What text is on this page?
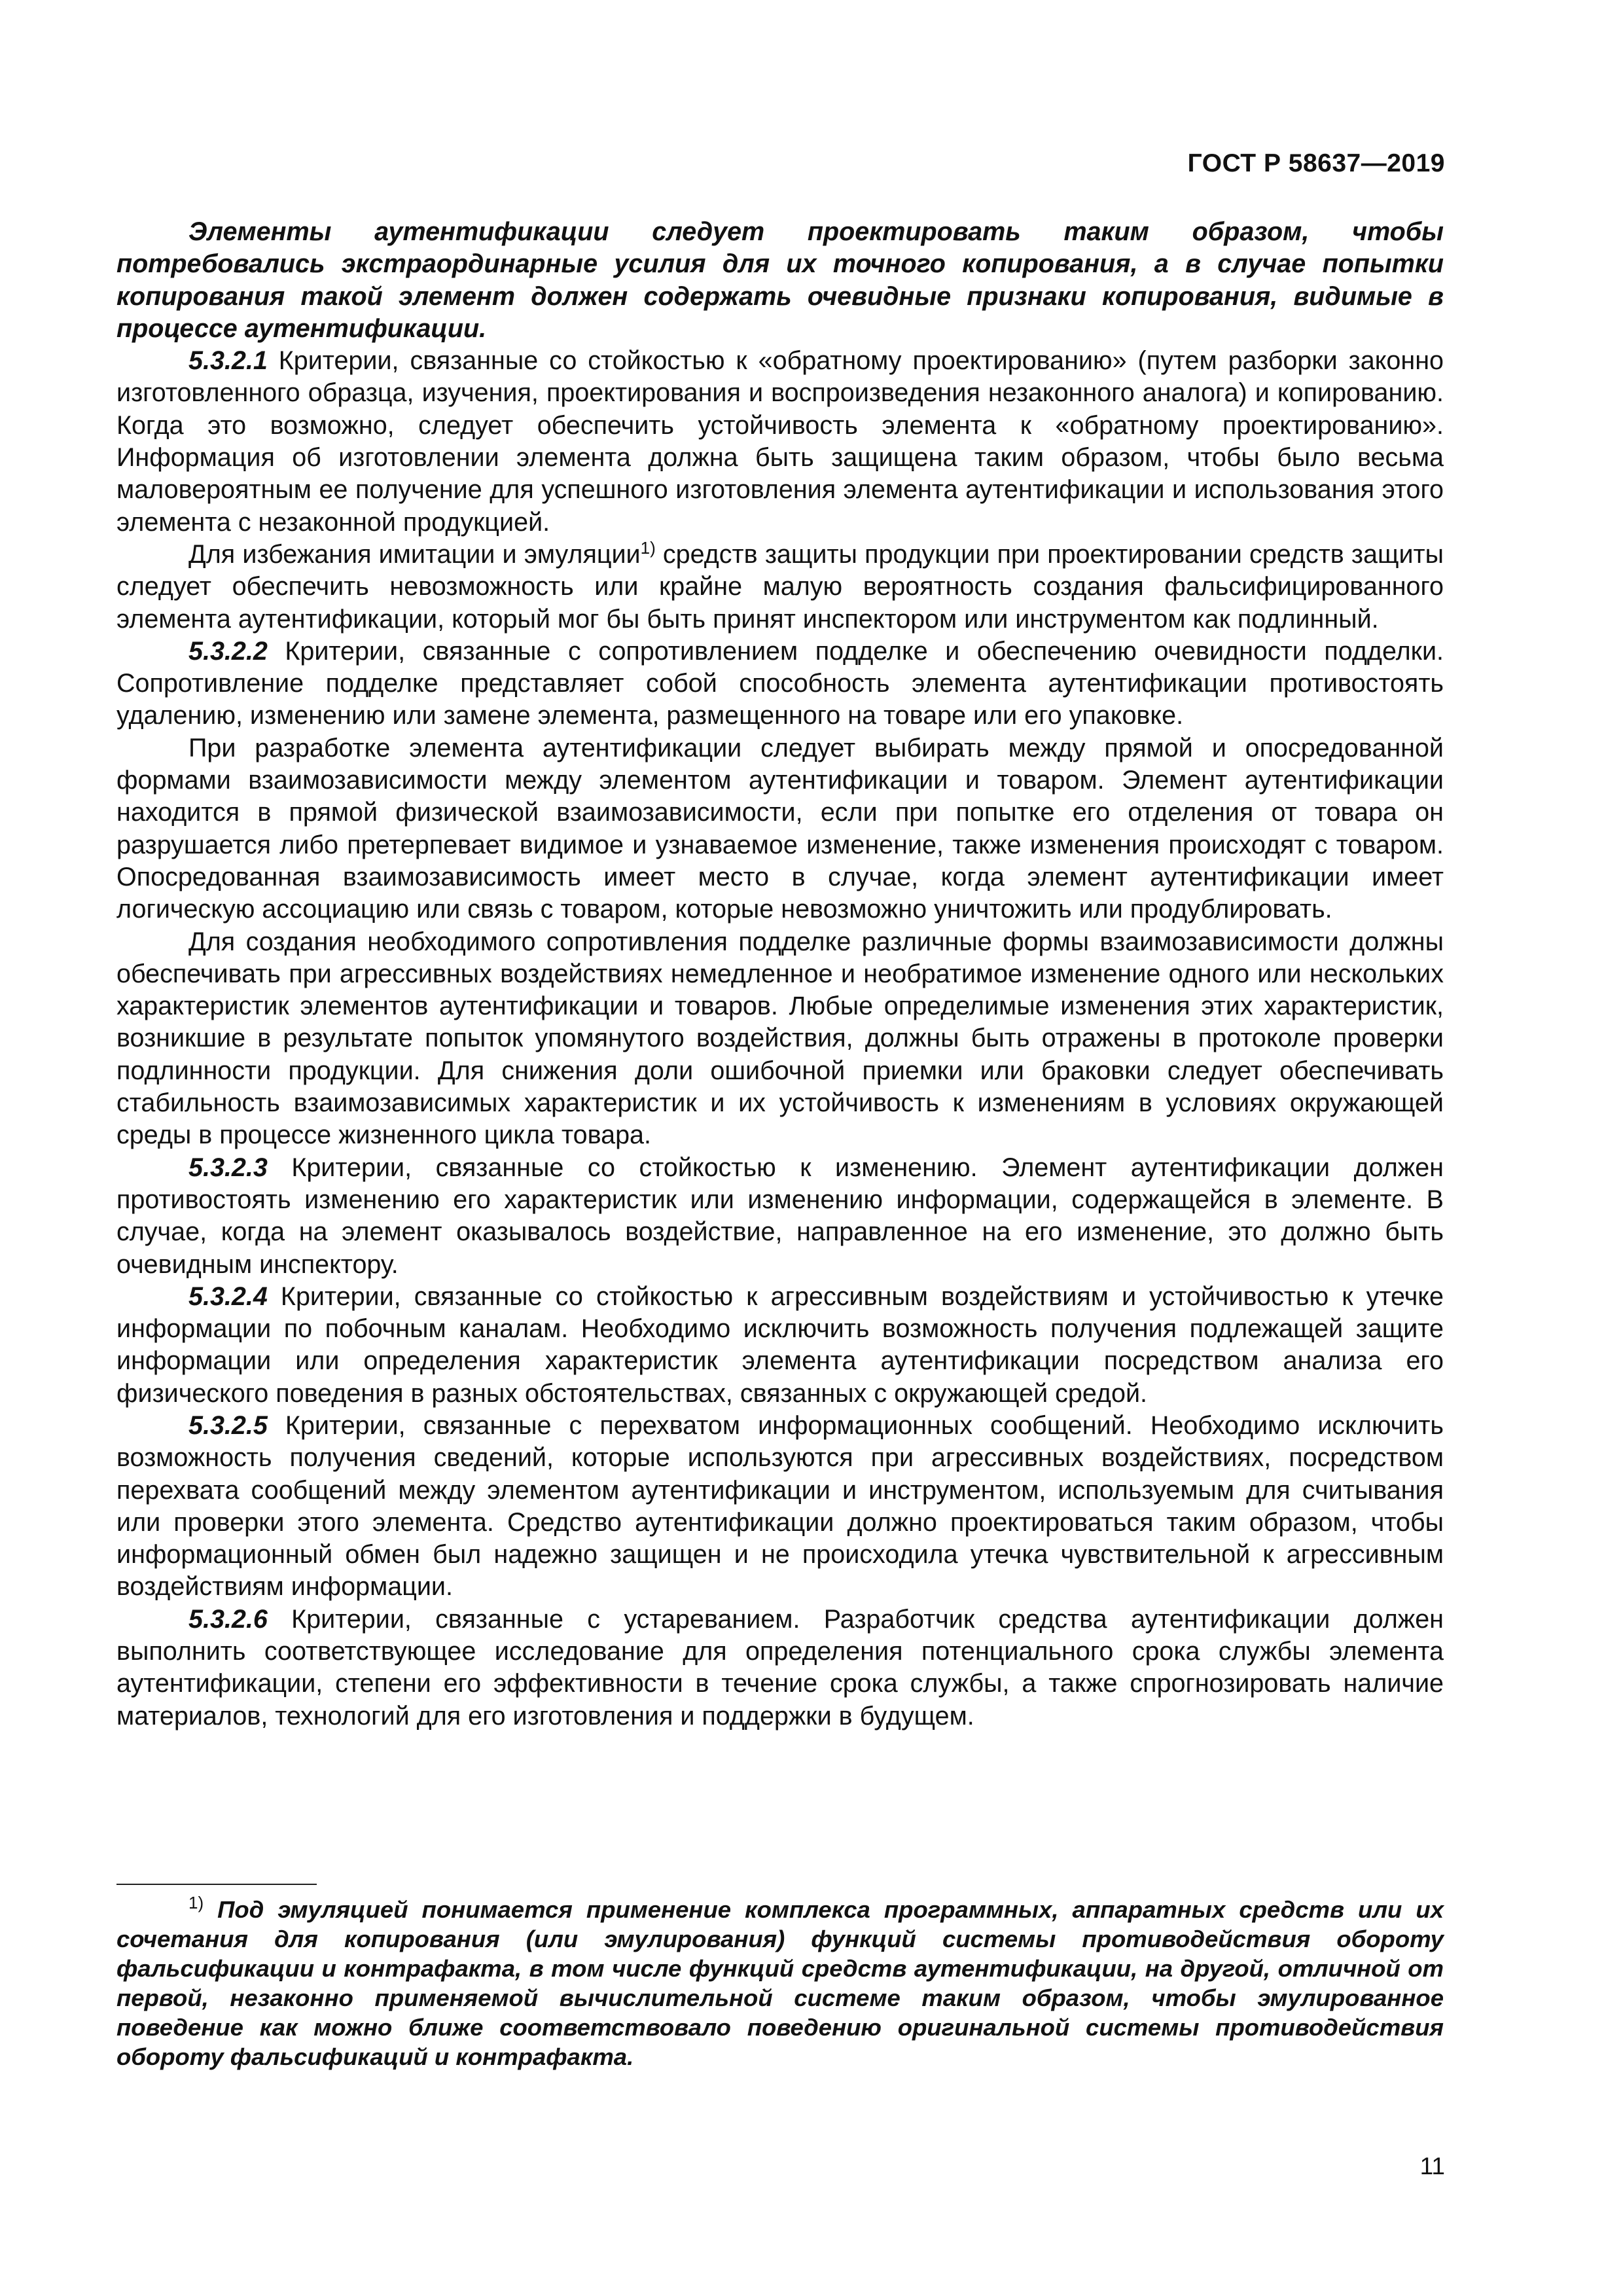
ГОСТ Р 58637—2019

Элементы аутентификации следует проектировать таким образом, чтобы потребовались экстраординарные усилия для их точного копирования, а в случае попытки копирования такой элемент должен содержать очевидные признаки копирования, видимые в процессе аутентификации.

5.3.2.1 Критерии, связанные со стойкостью к «обратному проектированию» (путем разборки законно изготовленного образца, изучения, проектирования и воспроизведения незаконного аналога) и копированию. Когда это возможно, следует обеспечить устойчивость элемента к «обратному проектированию». Информация об изготовлении элемента должна быть защищена таким образом, чтобы было весьма маловероятным ее получение для успешного изготовления элемента аутентификации и использования этого элемента с незаконной продукцией.

Для избежания имитации и эмуляции$^{1)}$ средств защиты продукции при проектировании средств защиты следует обеспечить невозможность или крайне малую вероятность создания фальсифицированного элемента аутентификации, который мог бы быть принят инспектором или инструментом как подлинный.

5.3.2.2 Критерии, связанные с сопротивлением подделке и обеспечению очевидности подделки. Сопротивление подделке представляет собой способность элемента аутентификации противостоять удалению, изменению или замене элемента, размещенного на товаре или его упаковке.

При разработке элемента аутентификации следует выбирать между прямой и опосредованной формами взаимозависимости между элементом аутентификации и товаром. Элемент аутентификации находится в прямой физической взаимозависимости, если при попытке его отделения от товара он разрушается либо претерпевает видимое и узнаваемое изменение, также изменения происходят с товаром. Опосредованная взаимозависимость имеет место в случае, когда элемент аутентификации имеет логическую ассоциацию или связь с товаром, которые невозможно уничтожить или продублировать.

Для создания необходимого сопротивления подделке различные формы взаимозависимости должны обеспечивать при агрессивных воздействиях немедленное и необратимое изменение одного или нескольких характеристик элементов аутентификации и товаров. Любые определимые изменения этих характеристик, возникшие в результате попыток упомянутого воздействия, должны быть отражены в протоколе проверки подлинности продукции. Для снижения доли ошибочной приемки или браковки следует обеспечивать стабильность взаимозависимых характеристик и их устойчивость к изменениям в условиях окружающей среды в процессе жизненного цикла товара.

5.3.2.3 Критерии, связанные со стойкостью к изменению. Элемент аутентификации должен противостоять изменению его характеристик или изменению информации, содержащейся в элементе. В случае, когда на элемент оказывалось воздействие, направленное на его изменение, это должно быть очевидным инспектору.

5.3.2.4 Критерии, связанные со стойкостью к агрессивным воздействиям и устойчивостью к утечке информации по побочным каналам. Необходимо исключить возможность получения подлежащей защите информации или определения характеристик элемента аутентификации посредством анализа его физического поведения в разных обстоятельствах, связанных с окружающей средой.

5.3.2.5 Критерии, связанные с перехватом информационных сообщений. Необходимо исключить возможность получения сведений, которые используются при агрессивных воздействиях, посредством перехвата сообщений между элементом аутентификации и инструментом, используемым для считывания или проверки этого элемента. Средство аутентификации должно проектироваться таким образом, чтобы информационный обмен был надежно защищен и не происходила утечка чувствительной к агрессивным воздействиям информации.

5.3.2.6 Критерии, связанные с устареванием. Разработчик средства аутентификации должен выполнить соответствующее исследование для определения потенциального срока службы элемента аутентификации, степени его эффективности в течение срока службы, а также спрогнозировать наличие материалов, технологий для его изготовления и поддержки в будущем.

$^{1)}$ Под эмуляцией понимается применение комплекса программных, аппаратных средств или их сочетания для копирования (или эмулирования) функций системы противодействия обороту фальсификации и контрафакта, в том числе функций средств аутентификации, на другой, отличной от первой, незаконно применяемой вычислительной системе таким образом, чтобы эмулированное поведение как можно ближе соответствовало поведению оригинальной системы противодействия обороту фальсификаций и контрафакта.

11
